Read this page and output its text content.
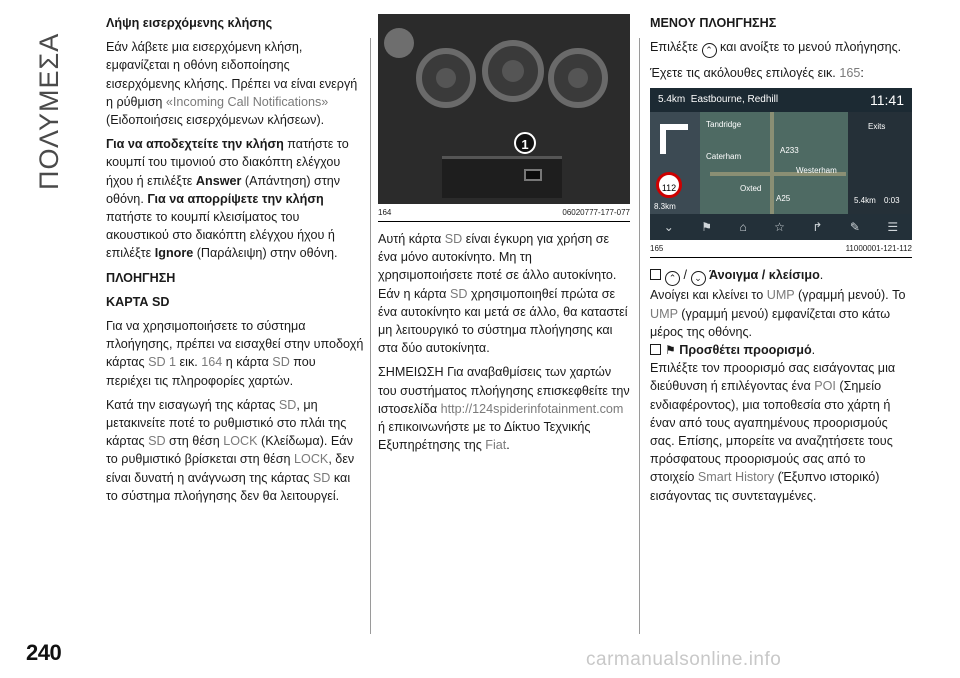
ΠΟΛΥΜΕΣΑ

Λήψη εισερχόμενης κλήσης

Εάν λάβετε μια εισερχόμενη κλήση, εμφανίζεται η οθόνη ειδοποίησης εισερχόμενης κλήσης. Πρέπει να είναι ενεργή η ρύθμιση «Incoming Call Notifications» (Ειδοποιήσεις εισερχόμενων κλήσεων).

Για να αποδεχτείτε την κλήση πατήστε το κουμπί του τιμονιού στο διακόπτη ελέγχου ήχου ή επιλέξτε Answer (Απάντηση) στην οθόνη. Για να απορρίψετε την κλήση πατήστε το κουμπί κλεισίματος του ακουστικού στο διακόπτη ελέγχου ήχου ή επιλέξτε Ignore (Παράλειψη) στην οθόνη.

ΠΛΟΗΓΗΣΗ

ΚΑΡΤΑ SD

Για να χρησιμοποιήσετε το σύστημα πλοήγησης, πρέπει να εισαχθεί στην υποδοχή κάρτας SD 1 εικ. 164 η κάρτα SD που περιέχει τις πληροφορίες χαρτών.

Κατά την εισαγωγή της κάρτας SD, μη μετακινείτε ποτέ το ρυθμιστικό στο πλάι της κάρτας SD στη θέση LOCK (Κλείδωμα). Εάν το ρυθμιστικό βρίσκεται στη θέση LOCK, δεν είναι δυνατή η ανάγνωση της κάρτας SD και το σύστημα πλοήγησης δεν θα λειτουργεί.

1
164	06020777-177-077

Αυτή κάρτα SD είναι έγκυρη για χρήση σε ένα μόνο αυτοκίνητο. Μη τη χρησιμοποιήσετε ποτέ σε άλλο αυτοκίνητο. Εάν η κάρτα SD χρησιμοποιηθεί πρώτα σε ένα αυτοκίνητο και μετά σε άλλο, θα καταστεί μη λειτουργικό το σύστημα πλοήγησης και στα δύο αυτοκίνητα.

ΣΗΜΕΙΩΣΗ Για αναβαθμίσεις των χαρτών του συστήματος πλοήγησης επισκεφθείτε την ιστοσελίδα http://124spiderinfotainment.com ή επικοινωνήστε με το Δίκτυο Τεχνικής Εξυπηρέτησης της Fiat.

ΜΕΝΟΥ ΠΛΟΗΓΗΣΗΣ

Επιλέξτε ⌃ και ανοίξτε το μενού πλοήγησης.

Έχετε τις ακόλουθες επιλογές εικ. 165:

5.4km Eastbourne, Redhill	11:41
112
Tandridge
Caterham
A233
Westerham
Oxted
A25
Exits
5.4km 0:03
8.3km
⌄ ⚑ ⌂ ☆ ↱ ✎ ☰
165	11000001-121-112

⌃ / ⌄ Άνοιγμα / κλείσιμο.

Ανοίγει και κλείνει το UMP (γραμμή μενού). Το UMP (γραμμή μενού) εμφανίζεται στο κάτω μέρος της οθόνης.

⚑ Προσθέτει προορισμό.

Επιλέξτε τον προορισμό σας εισάγοντας μια διεύθυνση ή επιλέγοντας ένα POI (Σημείο ενδιαφέροντος), μια τοποθεσία στο χάρτη ή έναν από τους αγαπημένους προορισμούς σας. Επίσης, μπορείτε να αναζητήσετε τους πρόσφατους προορισμούς σας από το στοιχείο Smart History (Έξυπνο ιστορικό) εισάγοντας τις συντεταγμένες.

240	carmanualsonline.info
